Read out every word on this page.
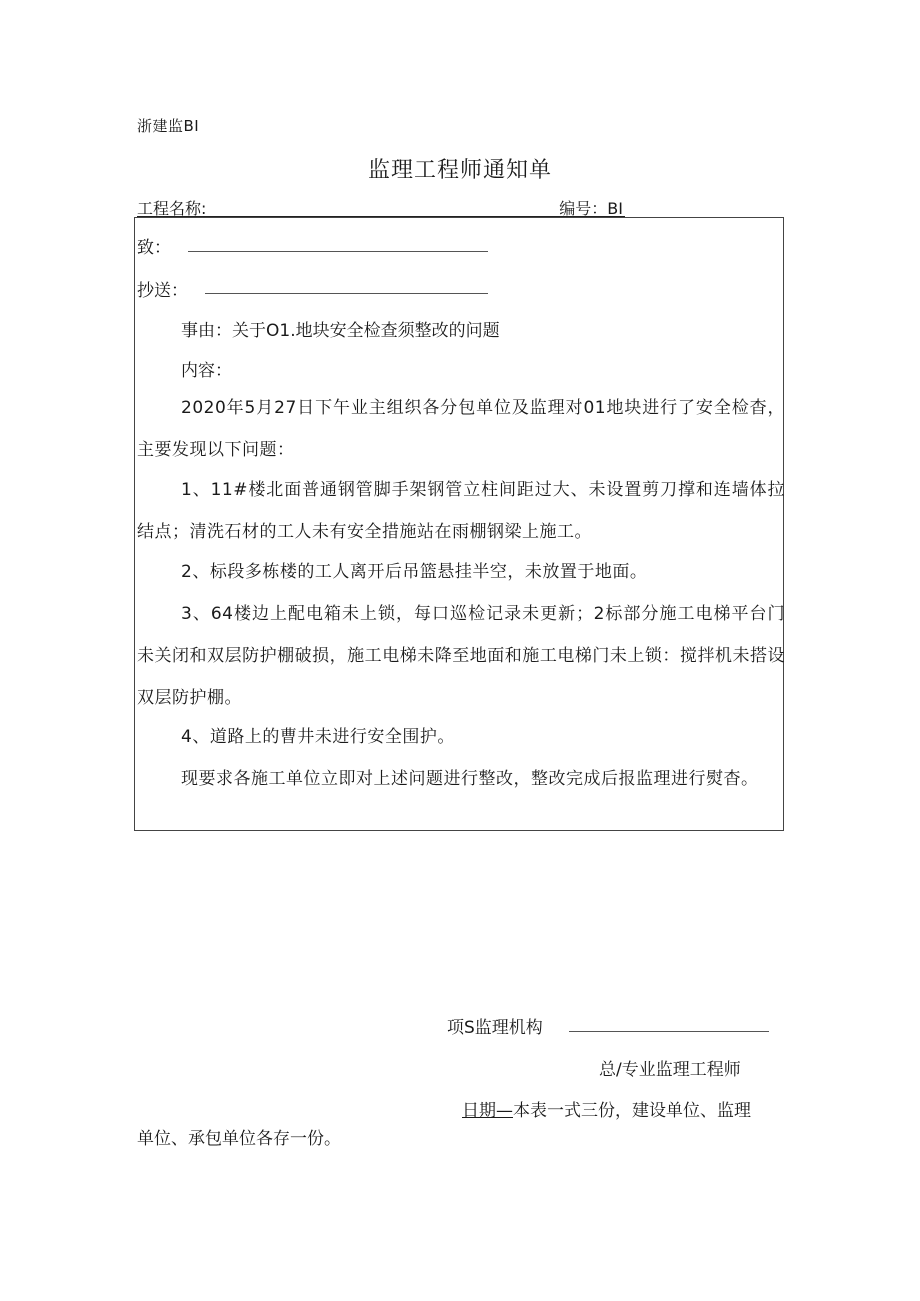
浙建监BI
监理工程师通知单
工程名称:	编号：BI
致：
抄送：
事由：关于O1.地块安全检查须整改的问题
内容：
2020年5月27日下午业主组织各分包单位及监理对01地块进行了安全检杳，主要发现以下问题：
1、11#楼北面普通钢管脚手架钢管立柱间距过大、未设置剪刀撑和连墙体拉结点；清洗石材的工人未有安全措施站在雨棚钢梁上施工。
2、标段多栋楼的工人离开后吊篮悬挂半空，未放置于地面。
3、64楼边上配电箱未上锁，每口巡检记录未更新；2标部分施工电梯平台门未关闭和双层防护棚破损，施工电梯未降至地面和施工电梯门未上锁：搅拌机未搭设双层防护棚。
4、道路上的曹井未进行安全围护。
现要求各施工单位立即对上述问题进行整改，整改完成后报监理进行熨杳。
项S监理机构
总/专业监理工程师
日期—本表一式三份，建设单位、监理
单位、承包单位各存一份。
